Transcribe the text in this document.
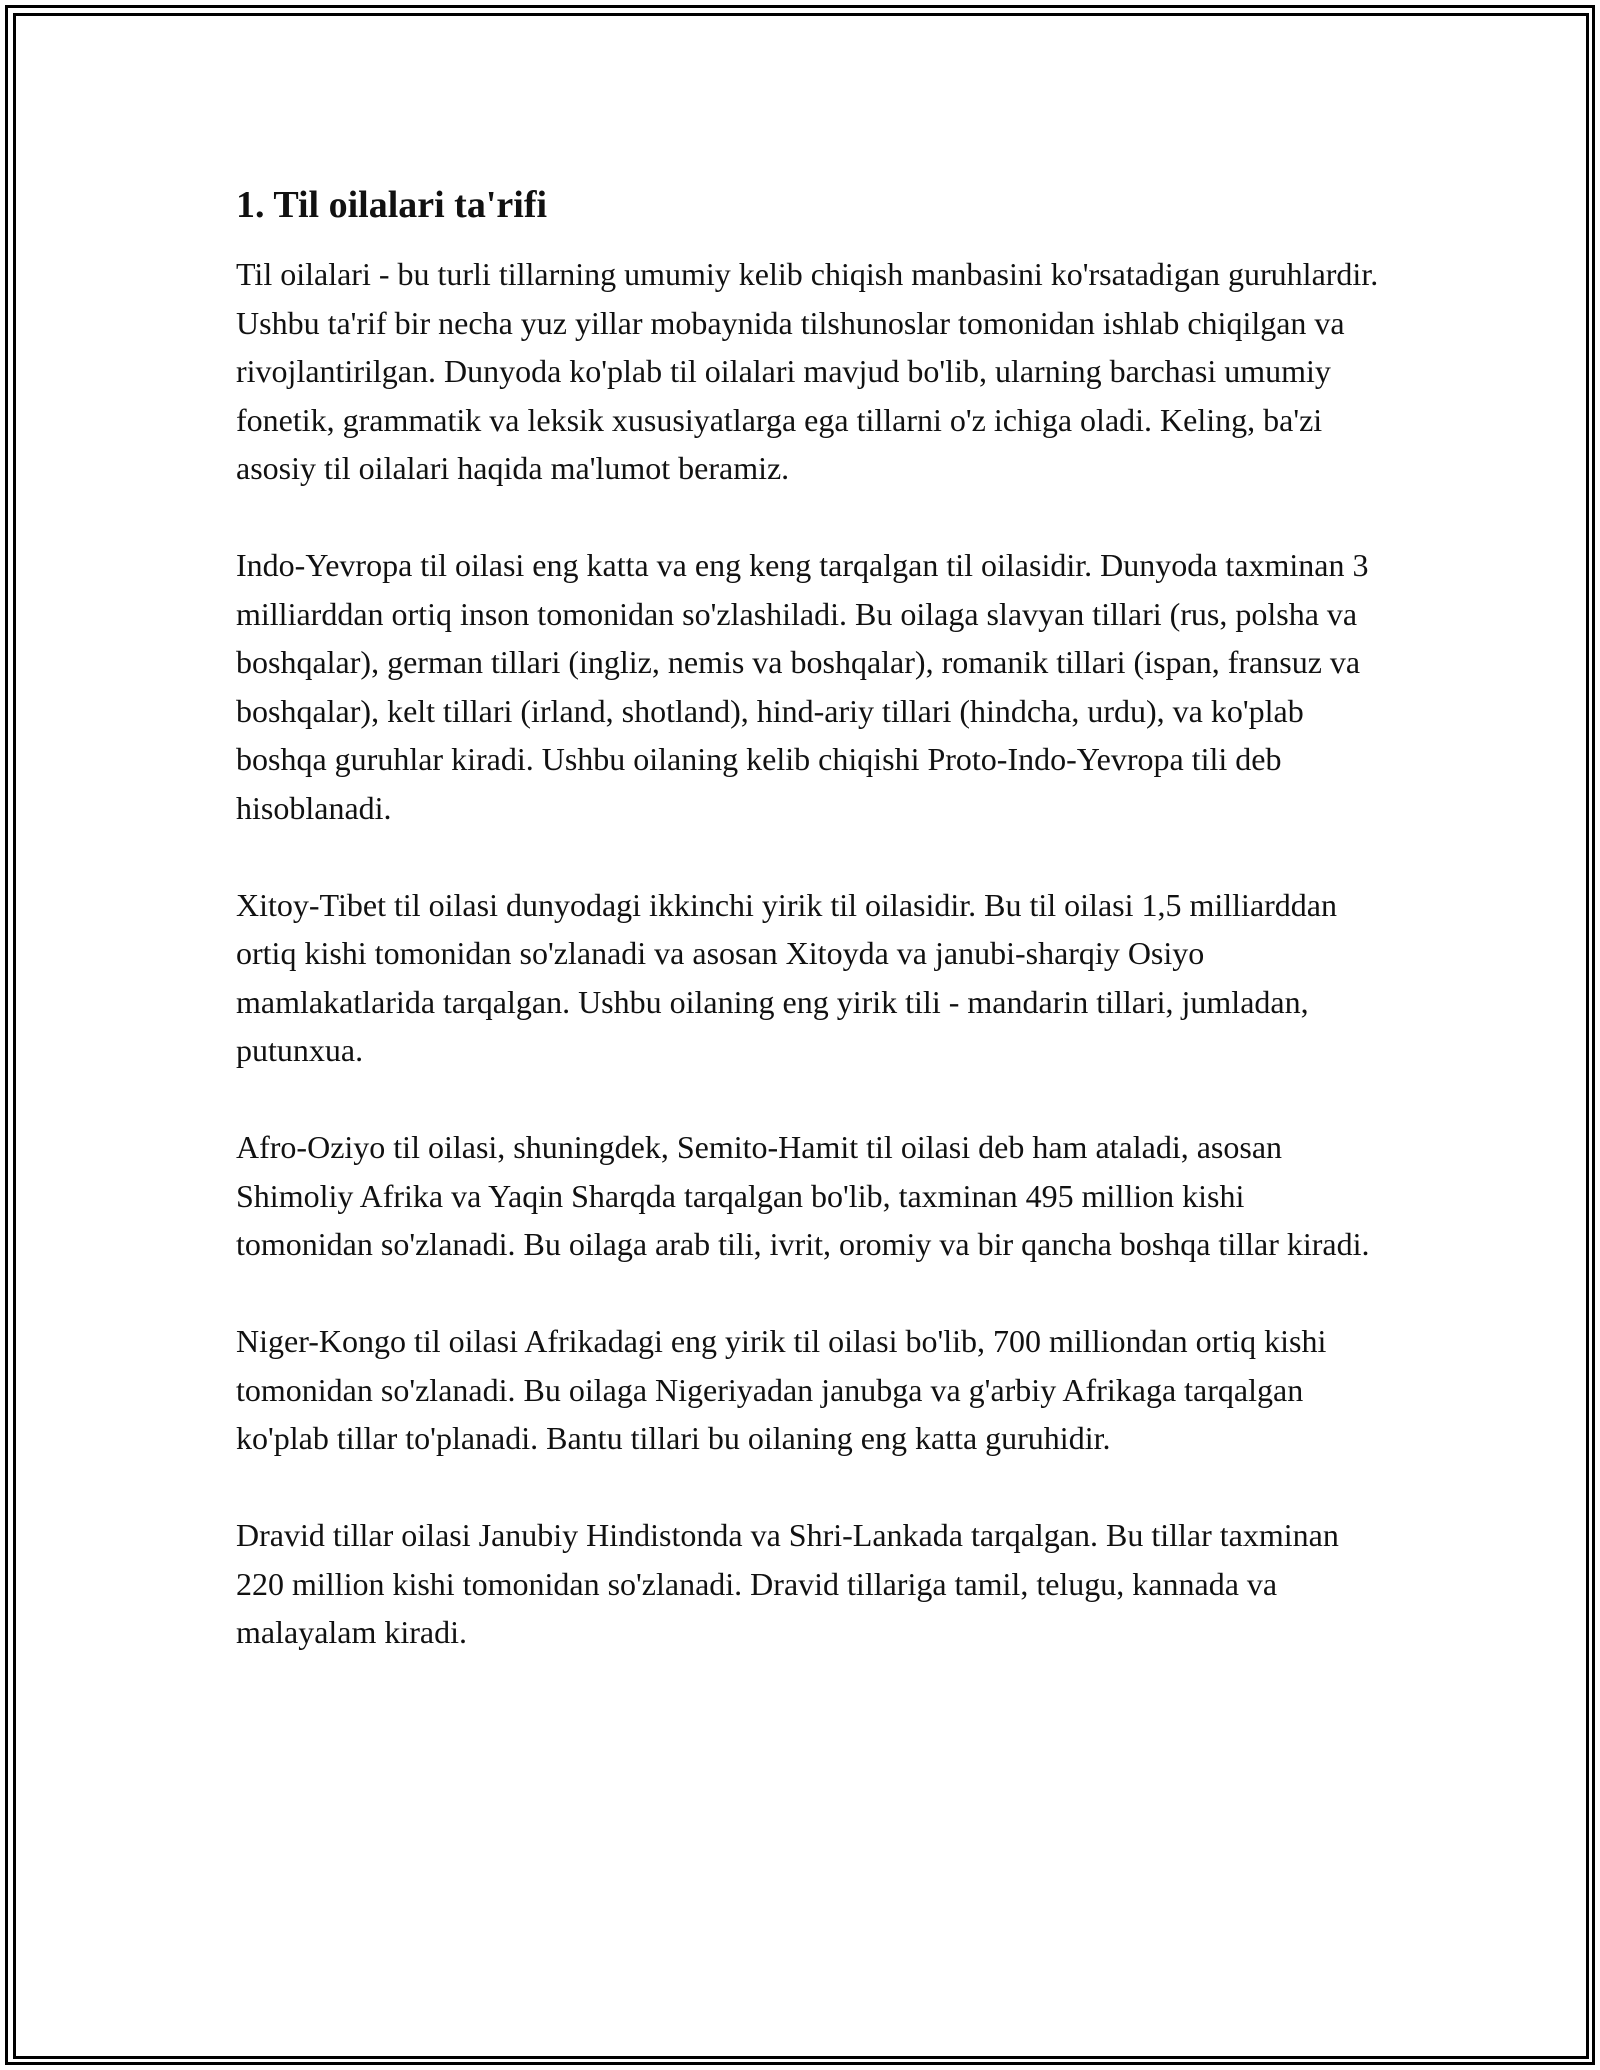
1. Til oilalari ta'rifi

Til oilalari - bu turli tillarning umumiy kelib chiqish manbasini ko'rsatadigan guruhlardir. Ushbu ta'rif bir necha yuz yillar mobaynida tilshunoslar tomonidan ishlab chiqilgan va rivojlantirilgan. Dunyoda ko'plab til oilalari mavjud bo'lib, ularning barchasi umumiy fonetik, grammatik va leksik xususiyatlarga ega tillarni o'z ichiga oladi. Keling, ba'zi asosiy til oilalari haqida ma'lumot beramiz.

Indo-Yevropa til oilasi eng katta va eng keng tarqalgan til oilasidir. Dunyoda taxminan 3 milliarddan ortiq inson tomonidan so'zlashiladi. Bu oilaga slavyan tillari (rus, polsha va boshqalar), german tillari (ingliz, nemis va boshqalar), romanik tillari (ispan, fransuz va boshqalar), kelt tillari (irland, shotland), hind-ariy tillari (hindcha, urdu), va ko'plab boshqa guruhlar kiradi. Ushbu oilaning kelib chiqishi Proto-Indo-Yevropa tili deb hisoblanadi.

Xitoy-Tibet til oilasi dunyodagi ikkinchi yirik til oilasidir. Bu til oilasi 1,5 milliarddan ortiq kishi tomonidan so'zlanadi va asosan Xitoyda va janubi-sharqiy Osiyo mamlakatlarida tarqalgan. Ushbu oilaning eng yirik tili - mandarin tillari, jumladan, putunxua.

Afro-Oziyo til oilasi, shuningdek, Semito-Hamit til oilasi deb ham ataladi, asosan Shimoliy Afrika va Yaqin Sharqda tarqalgan bo'lib, taxminan 495 million kishi tomonidan so'zlanadi. Bu oilaga arab tili, ivrit, oromiy va bir qancha boshqa tillar kiradi.

Niger-Kongo til oilasi Afrikadagi eng yirik til oilasi bo'lib, 700 milliondan ortiq kishi tomonidan so'zlanadi. Bu oilaga Nigeriyadan janubga va g'arbiy Afrikaga tarqalgan ko'plab tillar to'planadi. Bantu tillari bu oilaning eng katta guruhidir.

Dravid tillar oilasi Janubiy Hindistonda va Shri-Lankada tarqalgan. Bu tillar taxminan 220 million kishi tomonidan so'zlanadi. Dravid tillariga tamil, telugu, kannada va malayalam kiradi.
